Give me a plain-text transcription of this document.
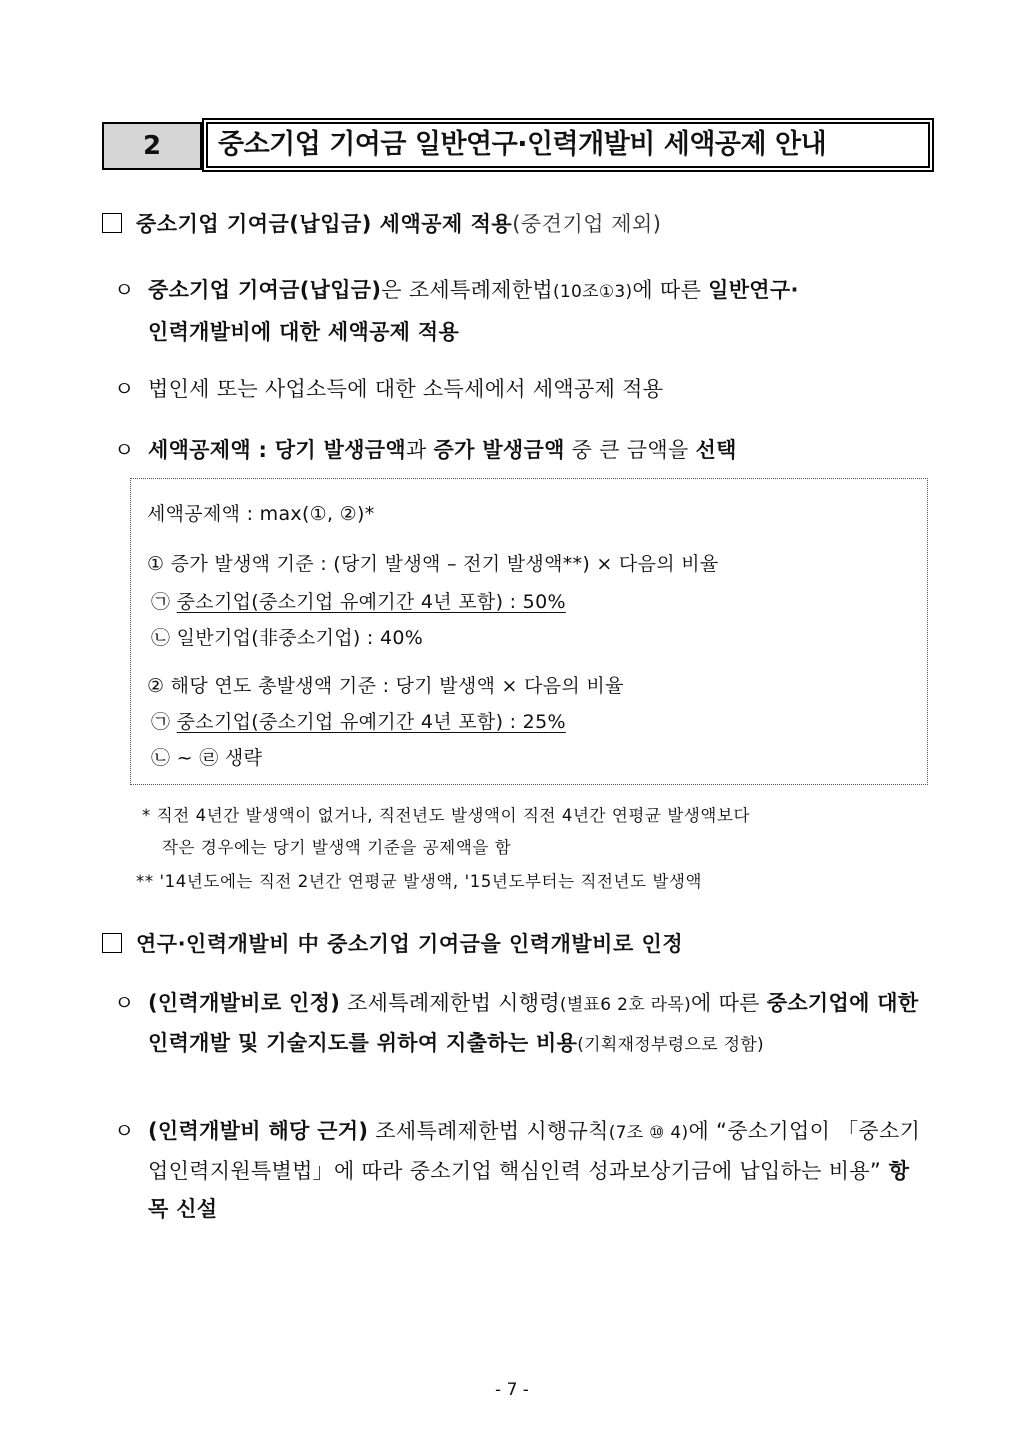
2	중소기업 기여금 일반연구·인력개발비 세액공제 안내
중소기업 기여금(납입금) 세액공제 적용(중견기업 제외)
ㅇ 중소기업 기여금(납입금)은 조세특례제한법(10조①3)에 따른 일반연구·
인력개발비에 대한 세액공제 적용
ㅇ 법인세 또는 사업소득에 대한 소득세에서 세액공제 적용
ㅇ 세액공제액 : 당기 발생금액과 증가 발생금액 중 큰 금액을 선택
세액공제액 : max(①, ②)*
① 증가 발생액 기준 : (당기 발생액 – 전기 발생액**) × 다음의 비율
㉠ 중소기업(중소기업 유예기간 4년 포함) : 50%
㉡ 일반기업(非중소기업) : 40%
② 해당 연도 총발생액 기준 : 당기 발생액 × 다음의 비율
㉠ 중소기업(중소기업 유예기간 4년 포함) : 25%
㉡ ~ ㉣ 생략
* 직전 4년간 발생액이 없거나, 직전년도 발생액이 직전 4년간 연평균 발생액보다
작은 경우에는 당기 발생액 기준을 공제액을 함
** '14년도에는 직전 2년간 연평균 발생액, '15년도부터는 직전년도 발생액
연구·인력개발비 中 중소기업 기여금을 인력개발비로 인정
ㅇ (인력개발비로 인정) 조세특례제한법 시행령(별표6 2호 라목)에 따른 중소기업에 대한 인력개발 및 기술지도를 위하여 지출하는 비용(기획재정부령으로 정함)
ㅇ (인력개발비 해당 근거) 조세특례제한법 시행규칙(7조 ⑩ 4)에 “중소기업이 「중소기업인력지원특별법」에 따라 중소기업 핵심인력 성과보상기금에 납입하는 비용” 항목 신설
- 7 -
